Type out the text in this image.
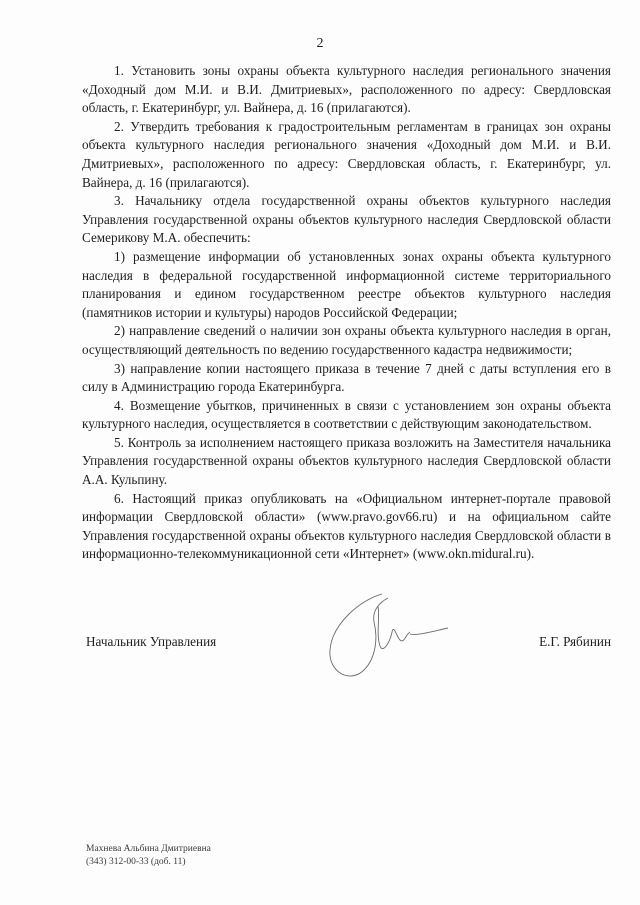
2

1. Установить зоны охраны объекта культурного наследия регионального значения «Доходный дом М.И. и В.И. Дмитриевых», расположенного по адресу: Свердловская область, г. Екатеринбург, ул. Вайнера, д. 16 (прилагаются).

2. Утвердить требования к градостроительным регламентам в границах зон охраны объекта культурного наследия регионального значения «Доходный дом М.И. и В.И. Дмитриевых», расположенного по адресу: Свердловская область, г. Екатеринбург, ул. Вайнера, д. 16 (прилагаются).

3. Начальнику отдела государственной охраны объектов культурного наследия Управления государственной охраны объектов культурного наследия Свердловской области Семерикову М.А. обеспечить:

1) размещение информации об установленных зонах охраны объекта культурного наследия в федеральной государственной информационной системе территориального планирования и едином государственном реестре объектов культурного наследия (памятников истории и культуры) народов Российской Федерации;

2) направление сведений о наличии зон охраны объекта культурного наследия в орган, осуществляющий деятельность по ведению государственного кадастра недвижимости;

3) направление копии настоящего приказа в течение 7 дней с даты вступления его в силу в Администрацию города Екатеринбурга.

4. Возмещение убытков, причиненных в связи с установлением зон охраны объекта культурного наследия, осуществляется в соответствии с действующим законодательством.

5. Контроль за исполнением настоящего приказа возложить на Заместителя начальника Управления государственной охраны объектов культурного наследия Свердловской области А.А. Кульпину.

6. Настоящий приказ опубликовать на «Официальном интернет-портале правовой информации Свердловской области» (www.pravo.gov66.ru) и на официальном сайте Управления государственной охраны объектов культурного наследия Свердловской области в информационно-телекоммуникационной сети «Интернет» (www.okn.midural.ru).

Начальник Управления	Е.Г. Рябинин
Махнева Альбина Дмитриевна
(343) 312-00-33 (доб. 11)
